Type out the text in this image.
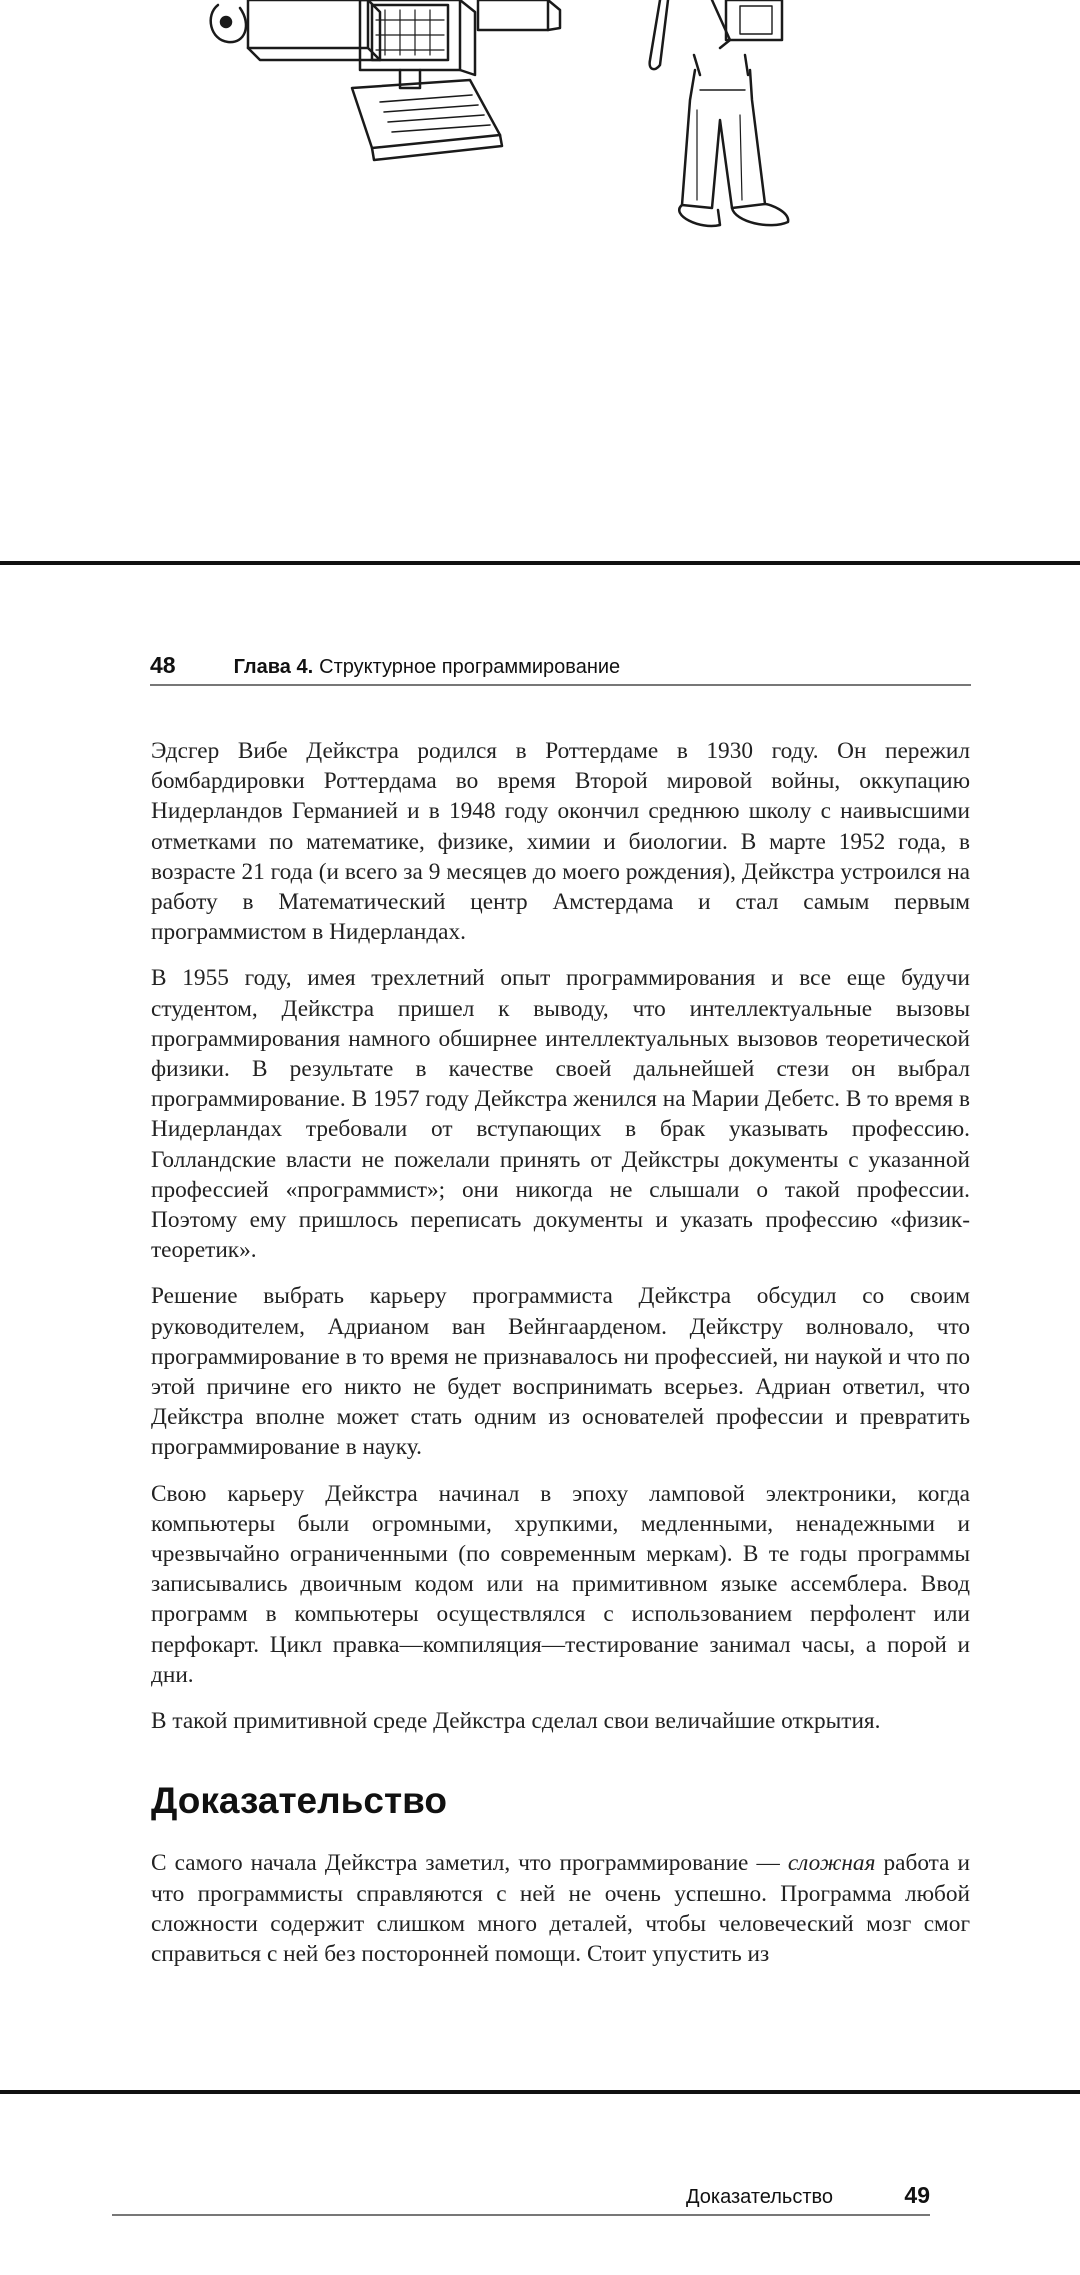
48	Глава 4. Структурное программирование

Эдсгер Вибе Дейкстра родился в Роттердаме в 1930 году. Он пережил бомбардировки Роттердама во время Второй мировой войны, оккупацию Нидерландов Германией и в 1948 году окончил среднюю школу с наивысшими отметками по математике, физике, химии и биологии. В марте 1952 года, в возрасте 21 года (и всего за 9 месяцев до моего рождения), Дейкстра устроился на работу в Математический центр Амстердама и стал самым первым программистом в Нидерландах.

В 1955 году, имея трехлетний опыт программирования и все еще будучи студентом, Дейкстра пришел к выводу, что интеллектуальные вызовы программирования намного обширнее интеллектуальных вызовов теоретической физики. В результате в качестве своей дальнейшей стези он выбрал программирование. В 1957 году Дейкстра женился на Марии Дебетс. В то время в Нидерландах требовали от вступающих в брак указывать профессию. Голландские власти не пожелали принять от Дейкстры документы с указанной профессией «программист»; они никогда не слышали о такой профессии. Поэтому ему пришлось переписать документы и указать профессию «физик-теоретик».

Решение выбрать карьеру программиста Дейкстра обсудил со своим руководителем, Адрианом ван Вейнгаарденом. Дейкстру волновало, что программирование в то время не признавалось ни профессией, ни наукой и что по этой причине его никто не будет воспринимать всерьез. Адриан ответил, что Дейкстра вполне может стать одним из основателей профессии и превратить программирование в науку.

Свою карьеру Дейкстра начинал в эпоху ламповой электроники, когда компьютеры были огромными, хрупкими, медленными, ненадежными и чрезвычайно ограниченными (по современным меркам). В те годы программы записывались двоичным кодом или на примитивном языке ассемблера. Ввод программ в компьютеры осуществлялся с использованием перфолент или перфокарт. Цикл правка—компиляция—тестирование занимал часы, а порой и дни.

В такой примитивной среде Дейкстра сделал свои величайшие открытия.

Доказательство

С самого начала Дейкстра заметил, что программирование — сложная работа и что программисты справляются с ней не очень успешно. Программа любой сложности содержит слишком много деталей, чтобы человеческий мозг смог справиться с ней без посторонней помощи. Стоит упустить из

Доказательство	49
